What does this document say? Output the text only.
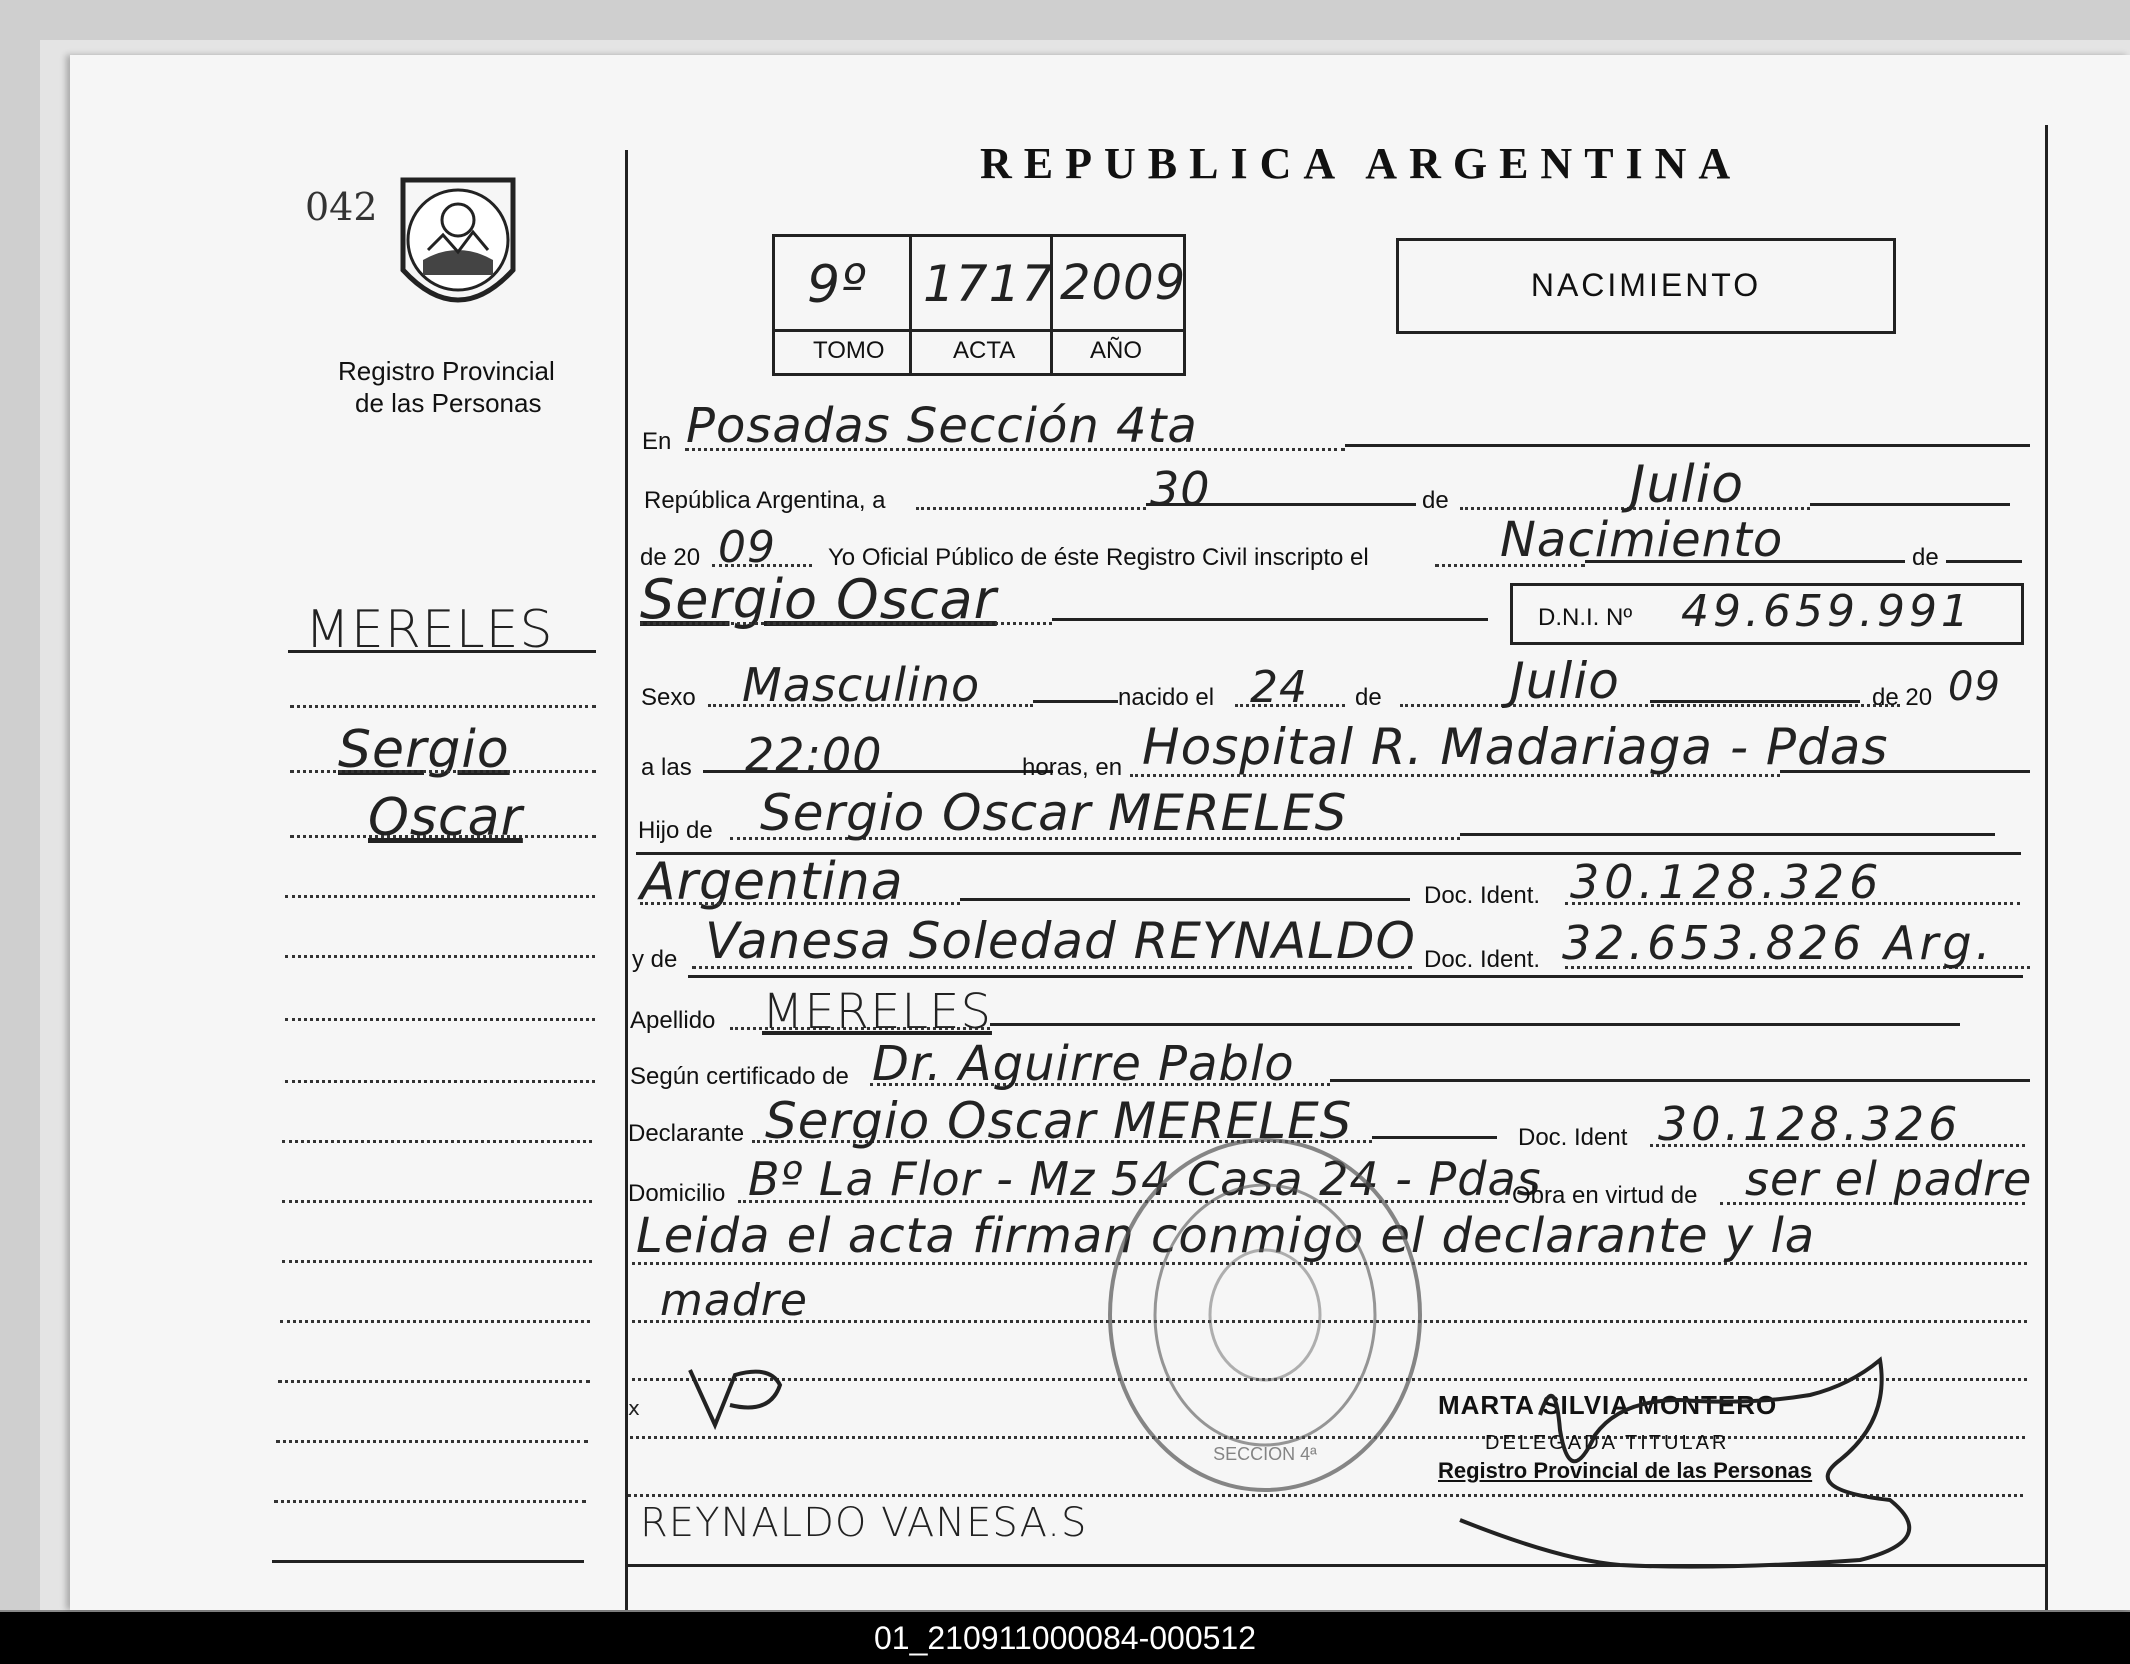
REPUBLICA ARGENTINA
042
Registro Provincial
de las Personas
9º 1717 2009
TOMO	ACTA	AÑO
NACIMIENTO
MERELES
Sergio
Oscar
En Posadas Sección 4ta
República Argentina, a	30	de	Julio
de 20 09 Yo Oficial Público de éste Registro Civil inscripto el	Nacimiento	de
Sergio Oscar	D.N.I. Nº 49.659.991
Sexo Masculino	nacido el 24 de	Julio	de 20 09
a las 22:00	horas, en Hospital R. Madariaga - Pdas
Hijo de Sergio Oscar MERELES
Argentina	Doc. Ident. 30.128.326
y de Vanesa Soledad REYNALDO Doc. Ident. 32.653.826 Arg.
Apellido MERELES
Según certificado de Dr. Aguirre Pablo
Declarante Sergio Oscar MERELES	Doc. Ident 30.128.326
Domicilio Bº La Flor - Mz 54 Casa 24 - Pdas
Obra en virtud de ser el padre
Leida el acta firman conmigo el declarante y la
madre
x
REYNALDO VANESA.S
MARTA SILVIA MONTERO
DELEGADA TITULAR
Registro Provincial de las Personas
SECCION 4ª
01_210911000084-000512
